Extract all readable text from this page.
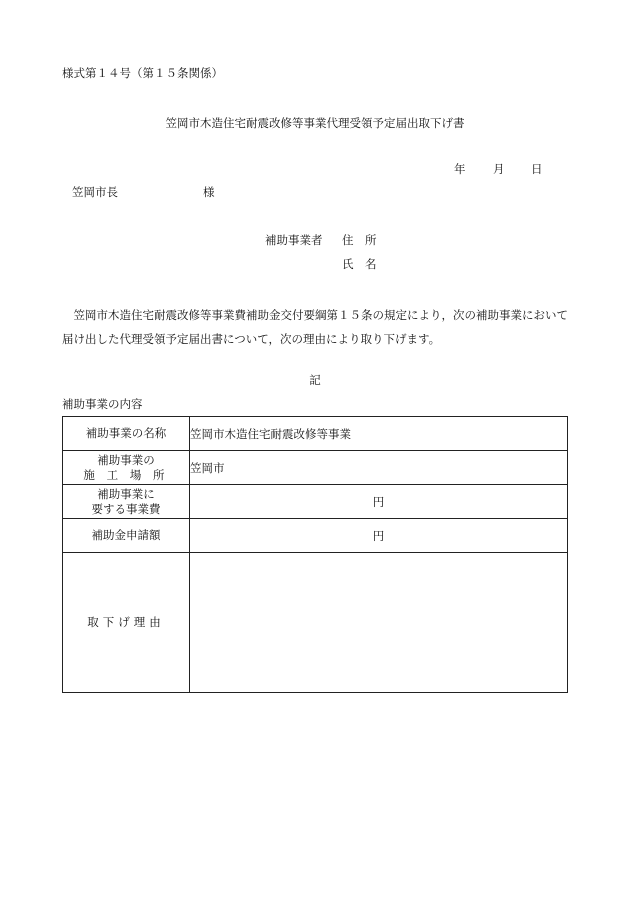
様式第１４号（第１５条関係）
笠岡市木造住宅耐震改修等事業代理受領予定届出取下げ書
年 月 日
笠岡市長	様
補助事業者 住　所
氏　名
笠岡市木造住宅耐震改修等事業費補助金交付要綱第１５条の規定により，次の補助事業において届け出した代理受領予定届出書について，次の理由により取り下げます。
記
補助事業の内容
補助事業の名称	笠岡市木造住宅耐震改修等事業

補助事業の
施 工 場 所	笠岡市

補助事業に
要する事業費	円

補助金申請額	円

取下げ理由	
